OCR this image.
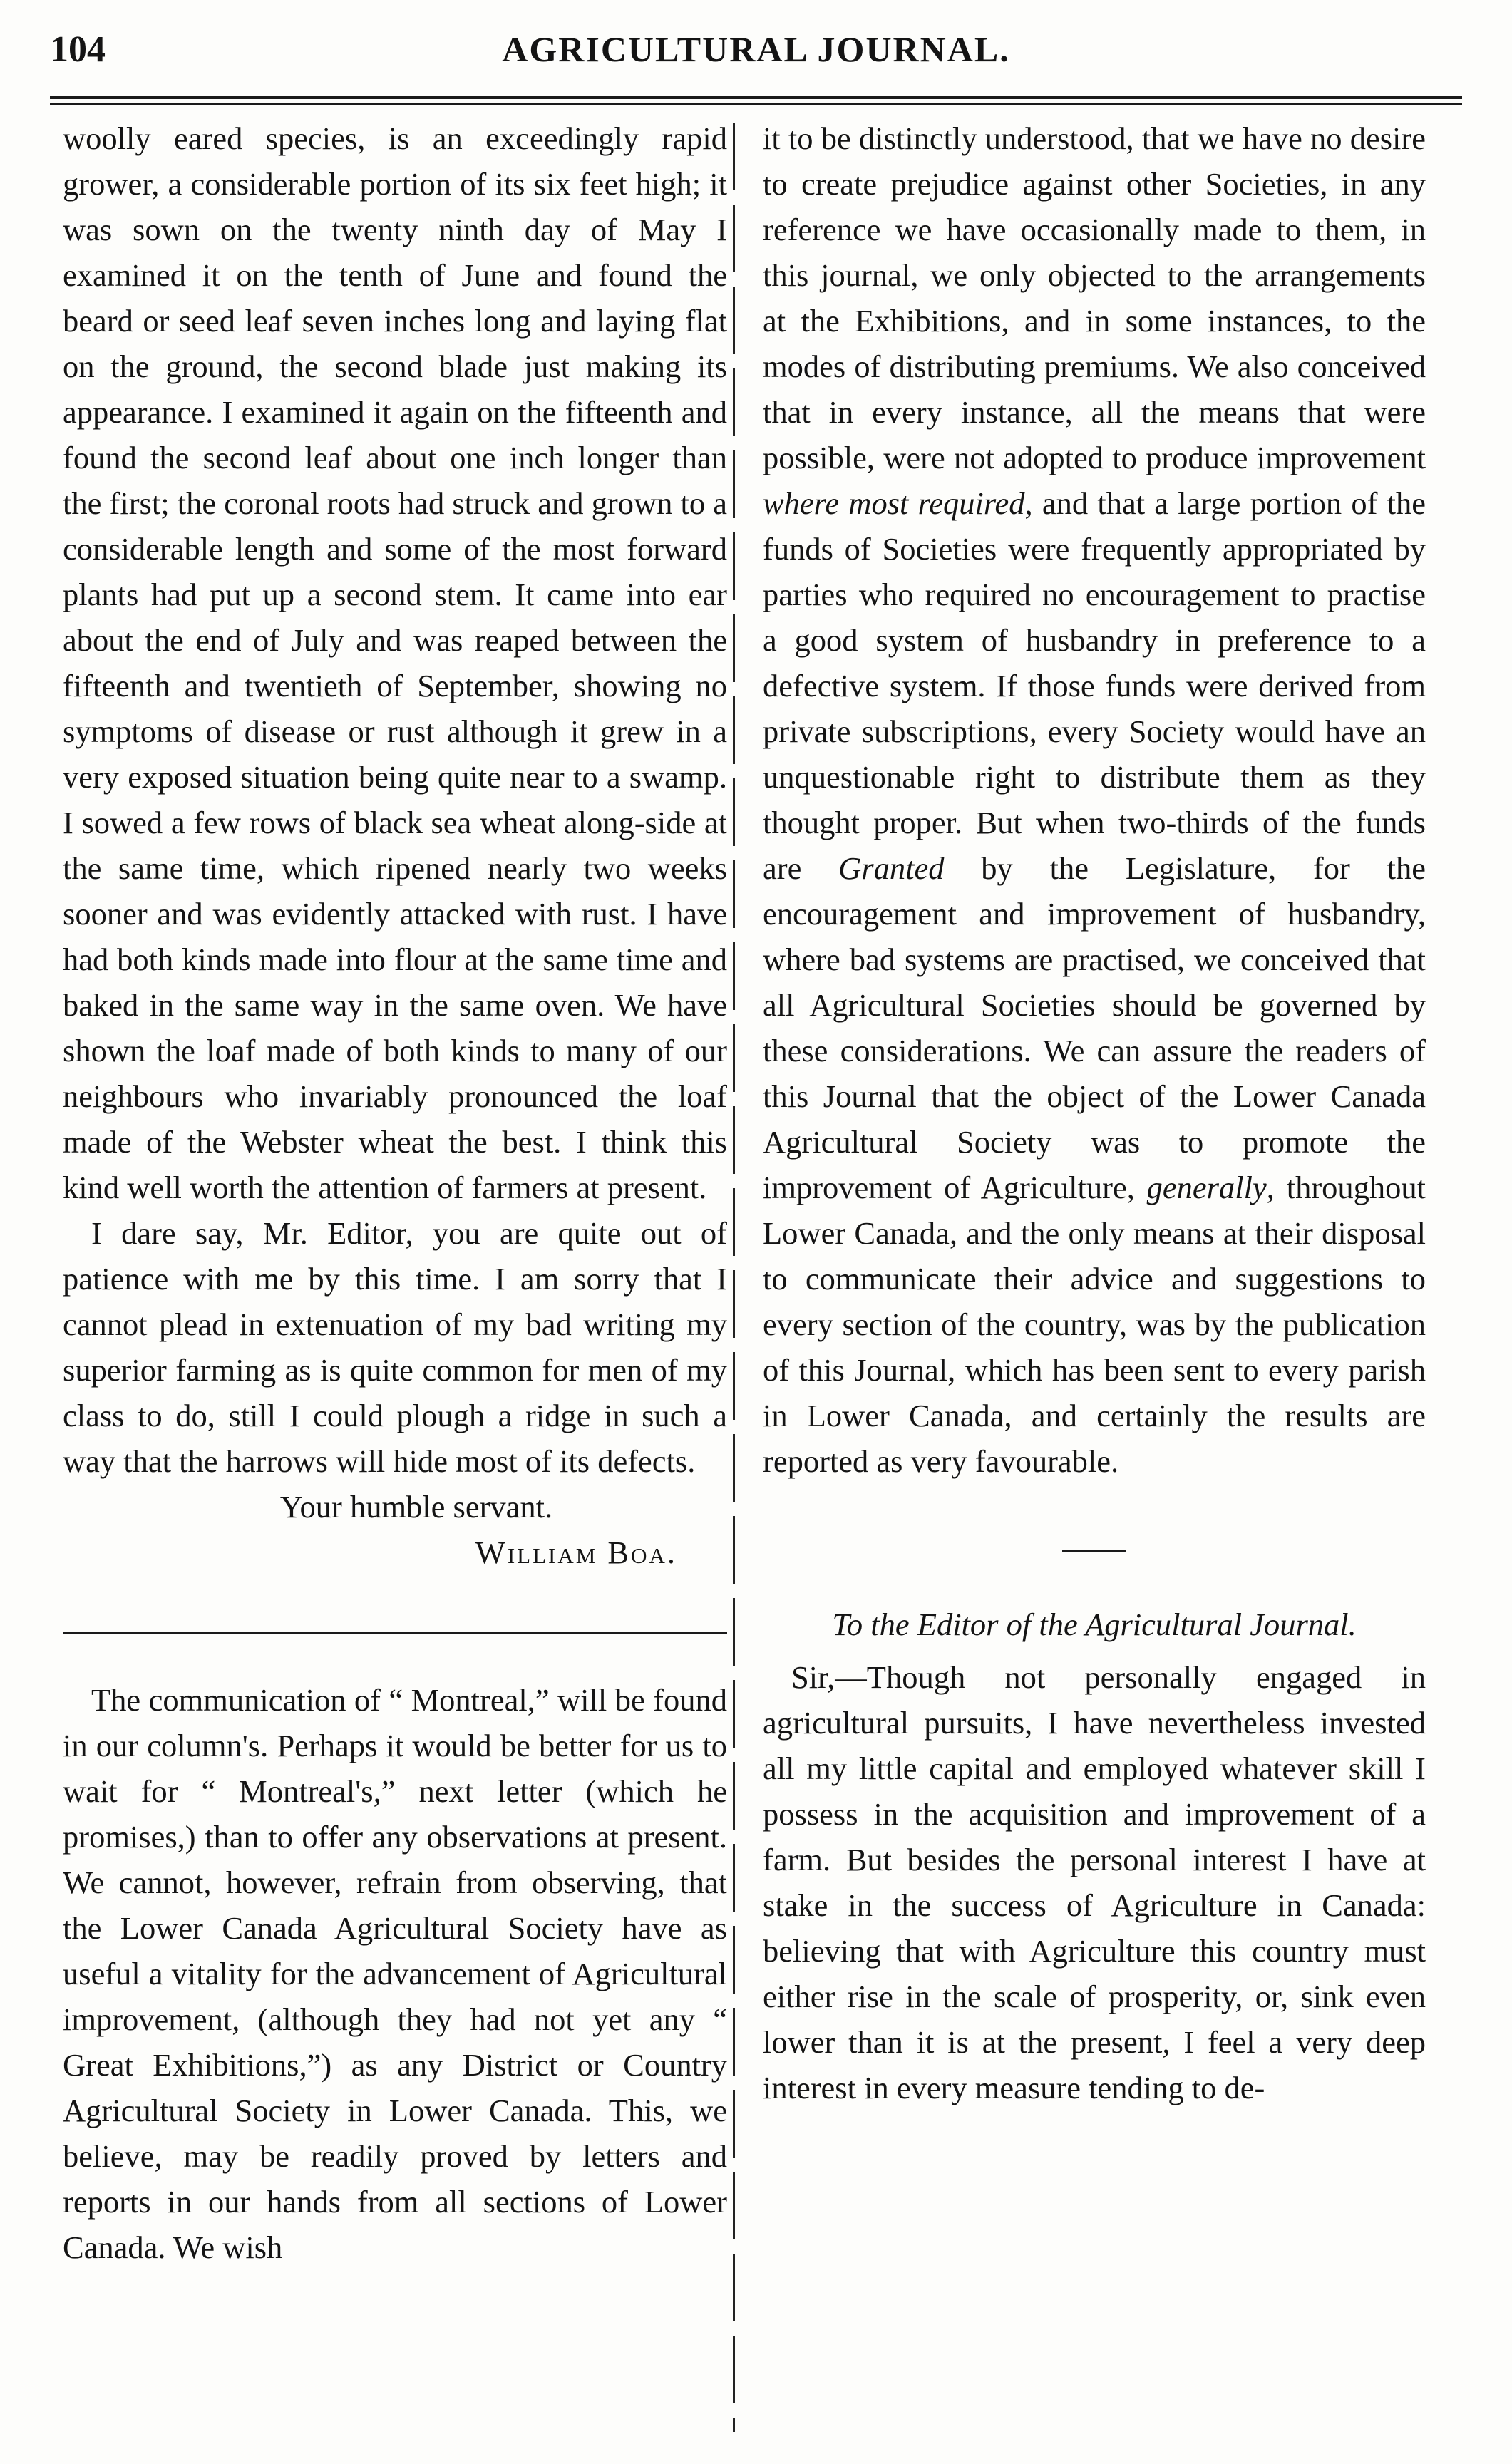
104	AGRICULTURAL JOURNAL.

woolly eared species, is an exceedingly rapid grower, a considerable portion of its six feet high; it was sown on the twenty ninth day of May I examined it on the tenth of June and found the beard or seed leaf seven inches long and laying flat on the ground, the second blade just making its appearance. I examined it again on the fifteenth and found the second leaf about one inch longer than the first; the coronal roots had struck and grown to a considerable length and some of the most forward plants had put up a second stem. It came into ear about the end of July and was reaped between the fifteenth and twentieth of September, showing no symptoms of disease or rust although it grew in a very exposed situation being quite near to a swamp. I sowed a few rows of black sea wheat along-side at the same time, which ripened nearly two weeks sooner and was evidently attacked with rust. I have had both kinds made into flour at the same time and baked in the same way in the same oven. We have shown the loaf made of both kinds to many of our neighbours who invariably pronounced the loaf made of the Webster wheat the best. I think this kind well worth the attention of farmers at present.

I dare say, Mr. Editor, you are quite out of patience with me by this time. I am sorry that I cannot plead in extenuation of my bad writing my superior farming as is quite common for men of my class to do, still I could plough a ridge in such a way that the harrows will hide most of its defects.

Your humble servant.

William Boa.

The communication of “ Montreal,” will be found in our column's. Perhaps it would be better for us to wait for “ Montreal's,” next letter (which he promises,) than to offer any observations at present. We cannot, however, refrain from observing, that the Lower Canada Agricultural Society have as useful a vitality for the advancement of Agricultural improvement, (although they had not yet any “ Great Exhibitions,”) as any District or Country Agricultural Society in Lower Canada. This, we believe, may be readily proved by letters and reports in our hands from all sections of Lower Canada. We wish

it to be distinctly understood, that we have no desire to create prejudice against other Societies, in any reference we have occasionally made to them, in this journal, we only objected to the arrangements at the Exhibitions, and in some instances, to the modes of distributing premiums. We also conceived that in every instance, all the means that were possible, were not adopted to produce improvement where most required, and that a large portion of the funds of Societies were frequently appropriated by parties who required no encouragement to practise a good system of husbandry in preference to a defective system. If those funds were derived from private subscriptions, every Society would have an unquestionable right to distribute them as they thought proper. But when two-thirds of the funds are Granted by the Legislature, for the encouragement and improvement of husbandry, where bad systems are practised, we conceived that all Agricultural Societies should be governed by these considerations. We can assure the readers of this Journal that the object of the Lower Canada Agricultural Society was to promote the improvement of Agriculture, generally, throughout Lower Canada, and the only means at their disposal to communicate their advice and suggestions to every section of the country, was by the publication of this Journal, which has been sent to every parish in Lower Canada, and certainly the results are reported as very favourable.

To the Editor of the Agricultural Journal.

Sir,—Though not personally engaged in agricultural pursuits, I have nevertheless invested all my little capital and employed whatever skill I possess in the acquisition and improvement of a farm. But besides the personal interest I have at stake in the success of Agriculture in Canada: believing that with Agriculture this country must either rise in the scale of prosperity, or, sink even lower than it is at the present, I feel a very deep interest in every measure tending to de-
